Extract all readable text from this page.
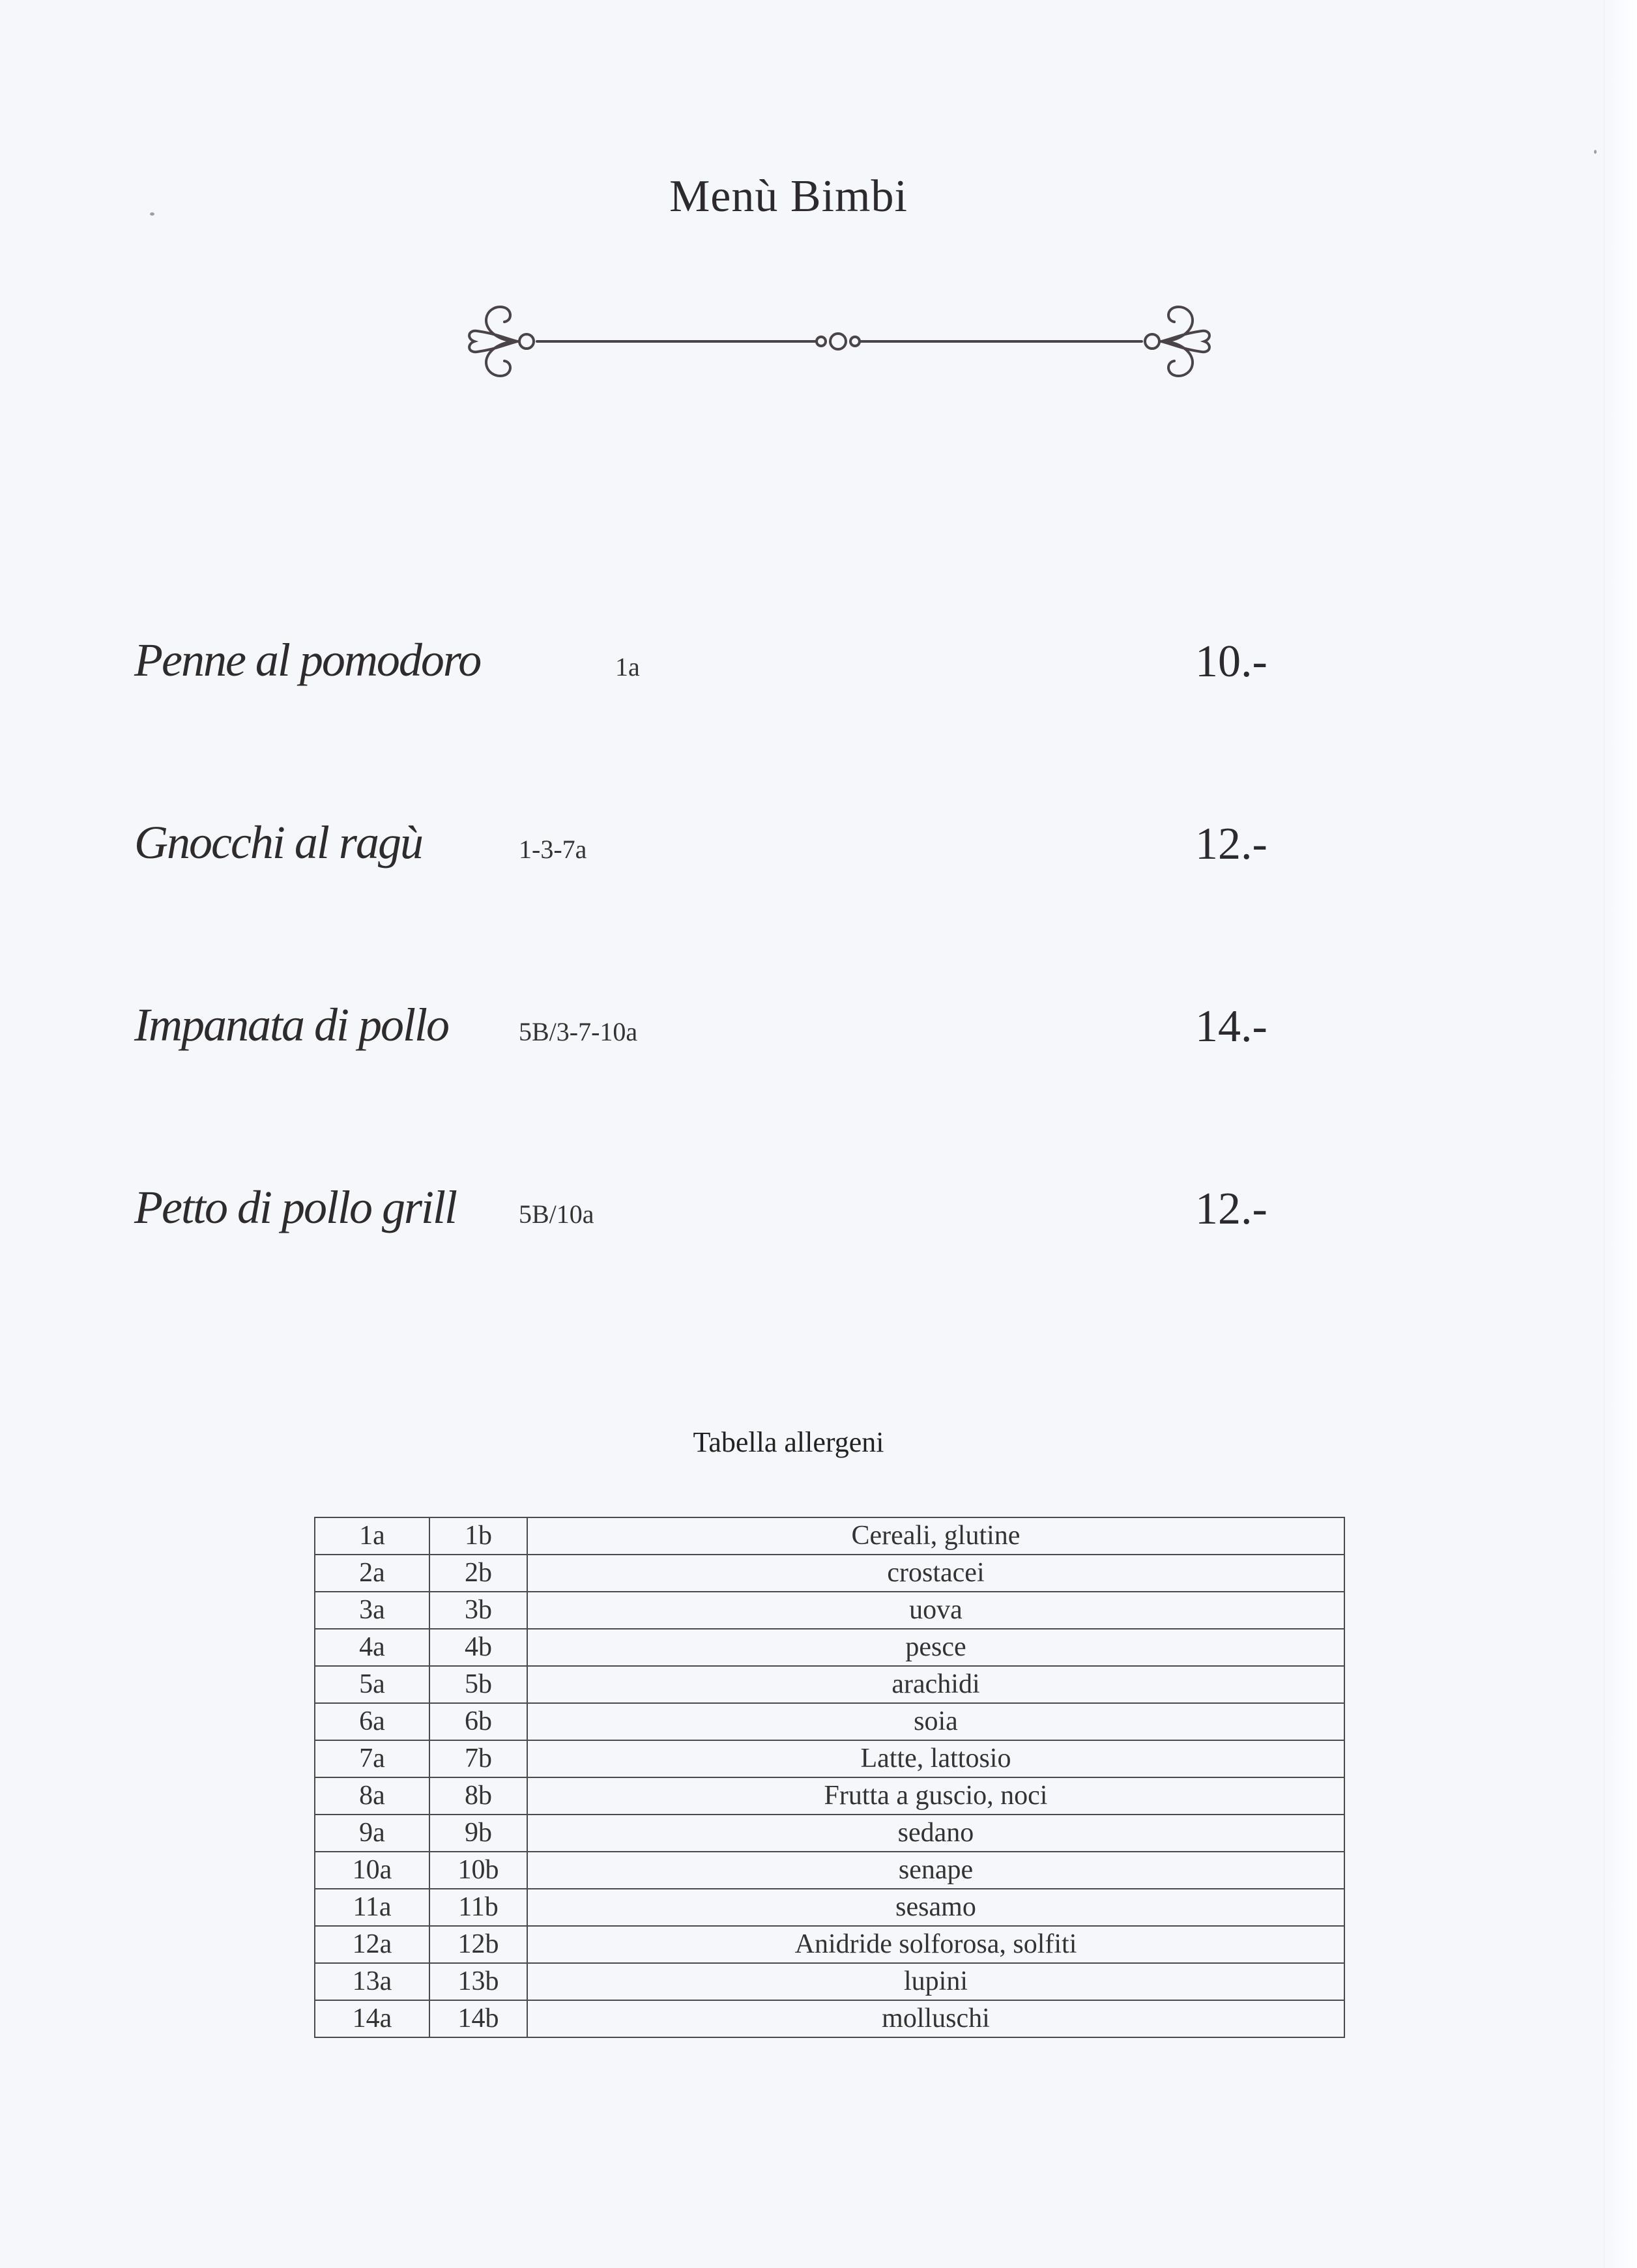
Menù Bimbi
Penne al pomodoro	1a	10.-
Gnocchi al ragù	1-3-7a	12.-
Impanata di pollo	5B/3-7-10a	14.-
Petto di pollo grill 5B/10a	12.-
Tabella allergeni
1a	1b	Cereali, glutine
2a	2b	crostacei
3a	3b	uova
4a	4b	pesce
5a	5b	arachidi
6a	6b	soia
7a	7b	Latte, lattosio
8a	8b	Frutta a guscio, noci
9a	9b	sedano
10a	10b	senape
11a	11b	sesamo
12a	12b	Anidride solforosa, solfiti
13a	13b	lupini
14a	14b	molluschi
